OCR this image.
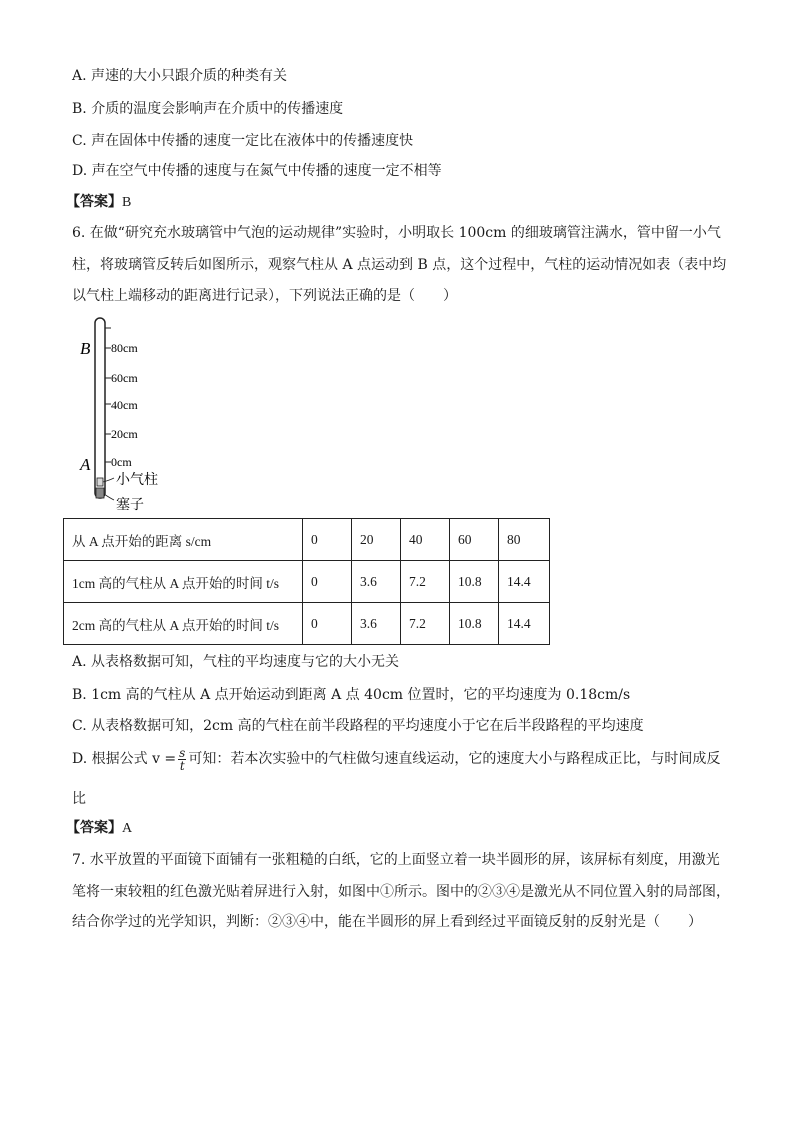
A. 声速的大小只跟介质的种类有关
B. 介质的温度会影响声在介质中的传播速度
C. 声在固体中传播的速度一定比在液体中的传播速度快
D. 声在空气中传播的速度与在氮气中传播的速度一定不相等
【答案】B
6. 在做“研究充水玻璃管中气泡的运动规律”实验时，小明取长 100cm 的细玻璃管注满水，管中留一小气
柱，将玻璃管反转后如图所示，观察气柱从 A 点运动到 B 点，这个过程中，气柱的运动情况如表（表中均
以气柱上端移动的距离进行记录），下列说法正确的是（　　）
B
A
80cm
60cm
40cm
20cm
0cm
小气柱
塞子
从 A 点开始的距离 s/cm	0	20	40	60	80
1cm 高的气柱从 A 点开始的时间 t/s	0	3.6	7.2	10.8	14.4
2cm 高的气柱从 A 点开始的时间 t/s	0	3.6	7.2	10.8	14.4
A. 从表格数据可知，气柱的平均速度与它的大小无关
B. 1cm 高的气柱从 A 点开始运动到距离 A 点 40cm 位置时，它的平均速度为 0.18cm/s
C. 从表格数据可知，2cm 高的气柱在前半段路程的平均速度小于它在后半段路程的平均速度
D. 根据公式 $v = \frac{s}{t}$ 可知：若本次实验中的气柱做匀速直线运动，它的速度大小与路程成正比，与时间成反
比
【答案】A
7. 水平放置的平面镜下面铺有一张粗糙的白纸，它的上面竖立着一块半圆形的屏，该屏标有刻度，用激光
笔将一束较粗的红色激光贴着屏进行入射，如图中①所示。图中的②③④是激光从不同位置入射的局部图，
结合你学过的光学知识，判断：②③④中，能在半圆形的屏上看到经过平面镜反射的反射光是（　　）
